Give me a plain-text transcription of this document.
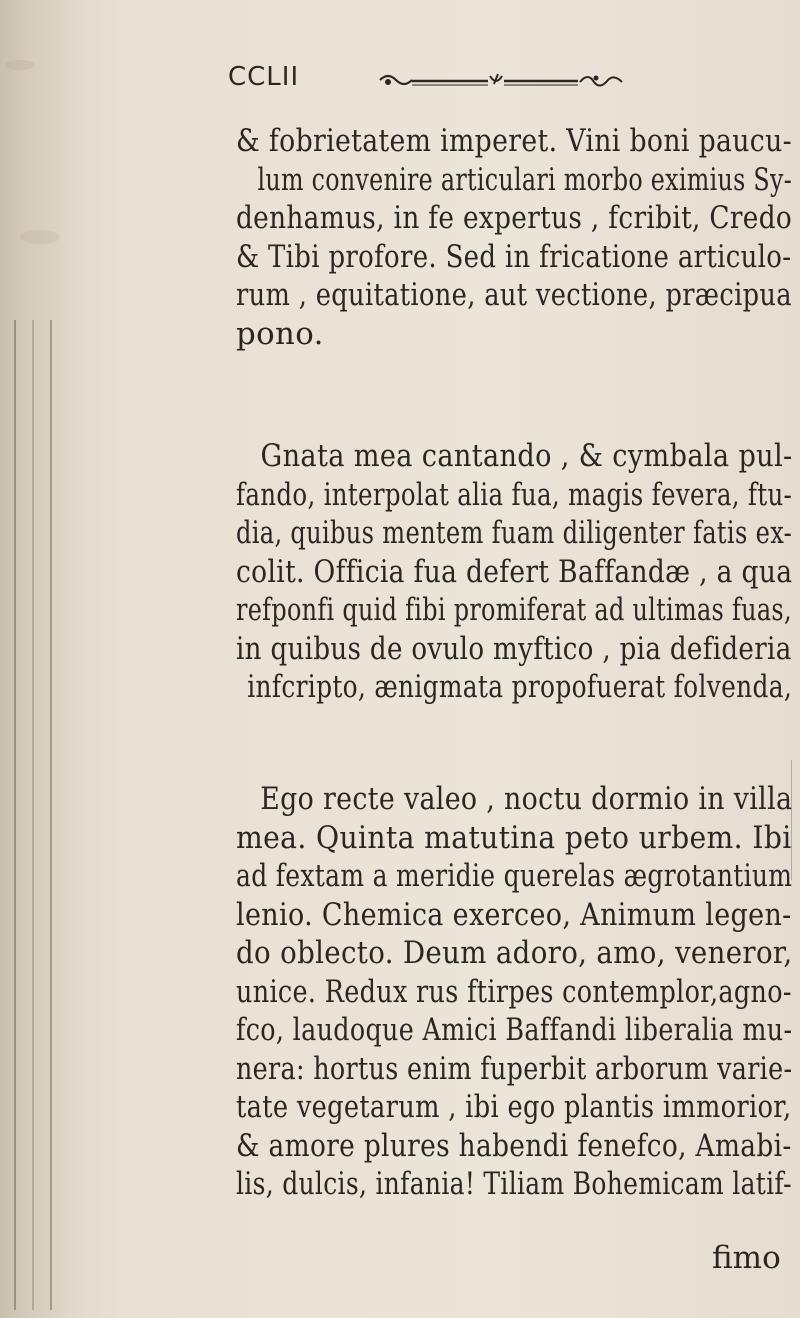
CCLII

& fobrietatem imperet. Vini boni paucu-
lum convenire articulari morbo eximius Sy-
denhamus, in fe expertus , fcribit, Credo
& Tibi profore. Sed in fricatione articulo-
rum , equitatione, aut vectione, præcipua
pono.

Gnata mea cantando , & cymbala pul-
fando, interpolat alia fua, magis fevera, ftu-
dia, quibus mentem fuam diligenter fatis ex-
colit. Officia fua defert Baffandæ , a qua
refponfi quid fibi promiferat ad ultimas fuas,
in quibus de ovulo myftico , pia defideria
infcripto, ænigmata propofuerat folvenda,

Ego recte valeo , noctu dormio in villa
mea. Quinta matutina peto urbem. Ibi
ad fextam a meridie querelas ægrotantium
lenio. Chemica exerceo, Animum legen-
do oblecto. Deum adoro, amo, veneror,
unice. Redux rus ftirpes contemplor,agno-
fco, laudoque Amici Baffandi liberalia mu-
nera: hortus enim fuperbit arborum varie-
tate vegetarum , ibi ego plantis immorior,
& amore plures habendi fenefco, Amabi-
lis, dulcis, infania! Tiliam Bohemicam latif-

fimo
